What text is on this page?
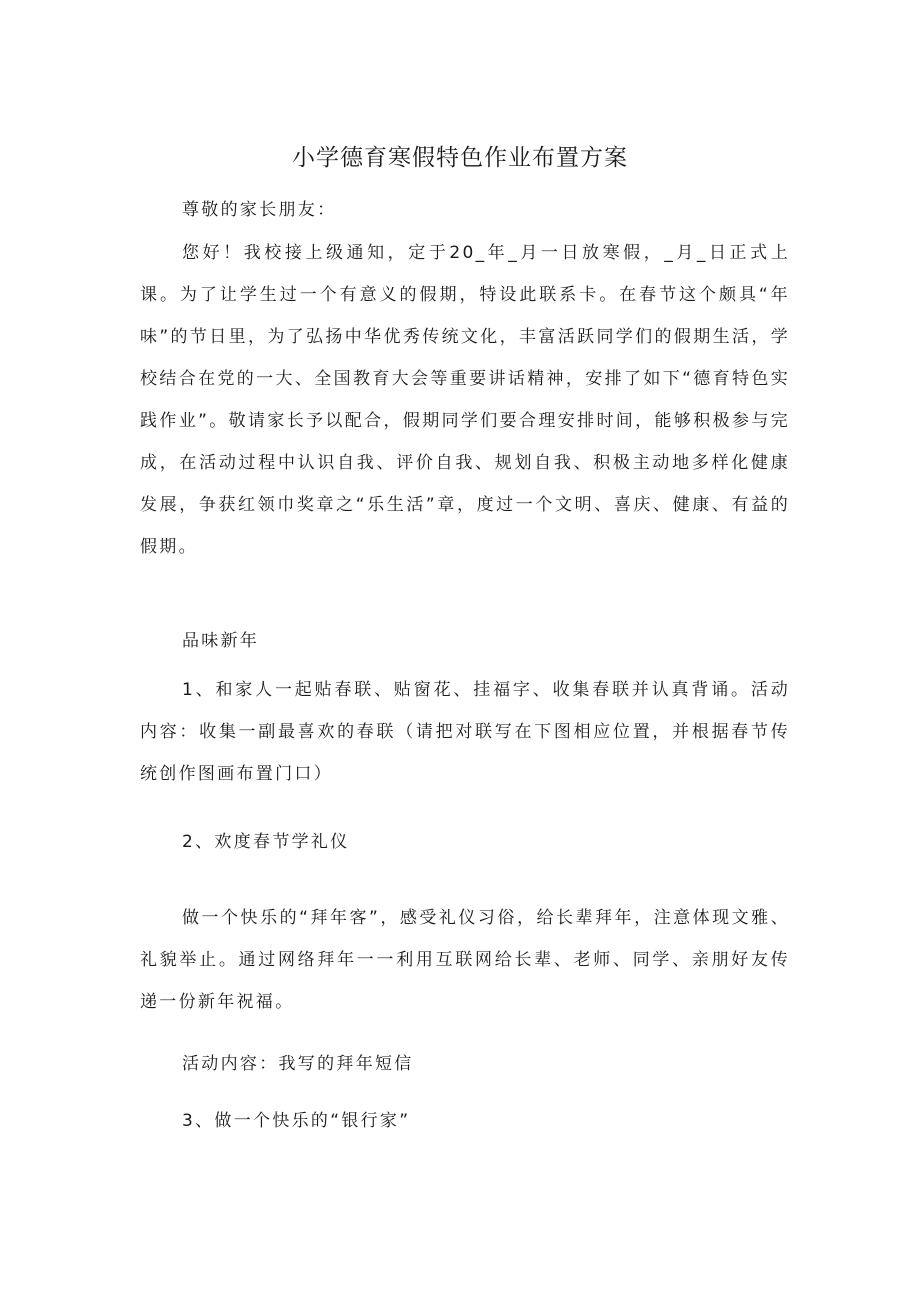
小学德育寒假特色作业布置方案

尊敬的家长朋友：

您好！我校接上级通知，定于20_年_月一日放寒假，_月_日正式上课。为了让学生过一个有意义的假期，特设此联系卡。在春节这个颇具“年味”的节日里，为了弘扬中华优秀传统文化，丰富活跃同学们的假期生活，学校结合在党的一大、全国教育大会等重要讲话精神，安排了如下“德育特色实践作业”。敬请家长予以配合，假期同学们要合理安排时间，能够积极参与完成，在活动过程中认识自我、评价自我、规划自我、积极主动地多样化健康发展，争获红领巾奖章之“乐生活”章，度过一个文明、喜庆、健康、有益的假期。

品味新年

1、和家人一起贴春联、贴窗花、挂福字、收集春联并认真背诵。活动内容：收集一副最喜欢的春联（请把对联写在下图相应位置，并根据春节传统创作图画布置门口）

2、欢度春节学礼仪

做一个快乐的“拜年客”，感受礼仪习俗，给长辈拜年，注意体现文雅、礼貌举止。通过网络拜年一一利用互联网给长辈、老师、同学、亲朋好友传递一份新年祝福。

活动内容：我写的拜年短信

3、做一个快乐的“银行家”
